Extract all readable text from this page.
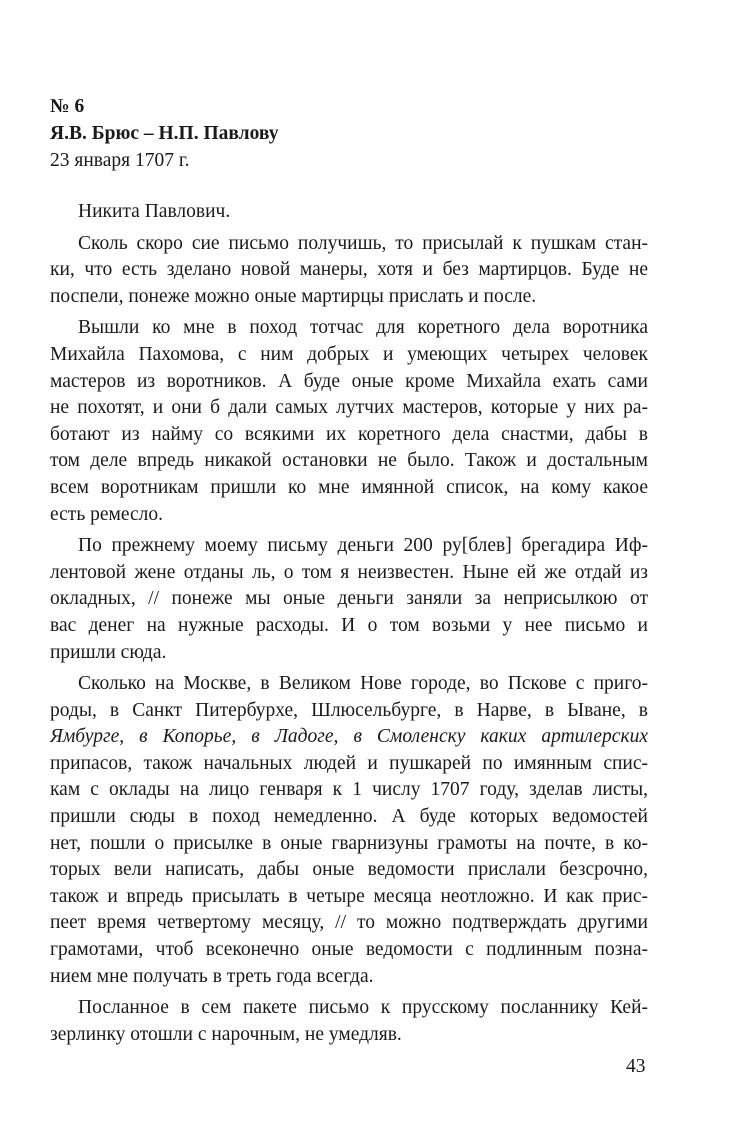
№ 6
Я.В. Брюс – Н.П. Павлову
23 января 1707 г.
Никита Павлович.
Сколь скоро сие письмо получишь, то присылай к пушкам стан-
ки, что есть зделано новой манеры, хотя и без мартирцов. Буде не
поспели, понеже можно оные мартирцы прислать и после.
Вышли ко мне в поход тотчас для коретного дела воротника
Михайла Пахомова, с ним добрых и умеющих четырех человек
мастеров из воротников. А буде оные кроме Михайла ехать сами
не похотят, и они б дали самых лутчих мастеров, которые у них ра-
ботают из найму со всякими их коретного дела снастми, дабы в
том деле впредь никакой остановки не было. Також и достальным
всем воротникам пришли ко мне имянной список, на кому какое
есть ремесло.
По прежнему моему письму деньги 200 ру[блев] брегадира Иф-
лентовой жене отданы ль, о том я неизвестен. Ныне ей же отдай из
окладных, // понеже мы оные деньги заняли за неприсылкою от
вас денег на нужные расходы. И о том возьми у нее письмо и
пришли сюда.
Сколько на Москве, в Великом Нове городе, во Пскове с приго-
роды, в Санкт Питербурхе, Шлюсельбурге, в Нарве, в Ыване, в
Ямбурге, в Копорье, в Ладоге, в Смоленску каких артилерских
припасов, також начальных людей и пушкарей по имянным спис-
кам с оклады на лицо генваря к 1 числу 1707 году, зделав листы,
пришли сюды в поход немедленно. А буде которых ведомостей
нет, пошли о присылке в оные гварнизуны грамоты на почте, в ко-
торых вели написать, дабы оные ведомости прислали безсрочно,
також и впредь присылать в четыре месяца неотложно. И как прис-
пеет время четвертому месяцу, // то можно подтверждать другими
грамотами, чтоб всеконечно оные ведомости с подлинным позна-
нием мне получать в треть года всегда.
Посланное в сем пакете письмо к прусскому посланнику Кей-
зерлинку отошли с нарочным, не умедляв.
43
